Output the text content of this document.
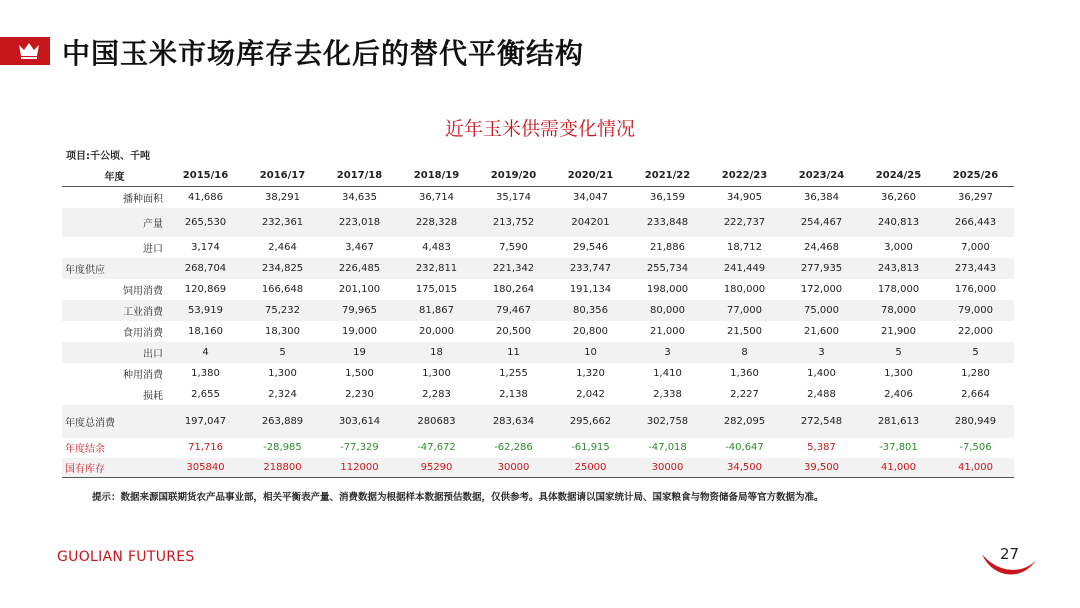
中国玉米市场库存去化后的替代平衡结构
近年玉米供需变化情况
项目:千公顷、千吨
年度	2015/16	2016/17	2017/18	2018/19	2019/20	2020/21	2021/22	2022/23	2023/24	2024/25	2025/26
播种面积	41,686	38,291	34,635	36,714	35,174	34,047	36,159	34,905	36,384	36,260	36,297
产量	265,530	232,361	223,018	228,328	213,752	204201	233,848	222,737	254,467	240,813	266,443
进口	3,174	2,464	3,467	4,483	7,590	29,546	21,886	18,712	24,468	3,000	7,000
年度供应	268,704	234,825	226,485	232,811	221,342	233,747	255,734	241,449	277,935	243,813	273,443
饲用消费	120,869	166,648	201,100	175,015	180,264	191,134	198,000	180,000	172,000	178,000	176,000
工业消费	53,919	75,232	79,965	81,867	79,467	80,356	80,000	77,000	75,000	78,000	79,000
食用消费	18,160	18,300	19,000	20,000	20,500	20,800	21,000	21,500	21,600	21,900	22,000
出口	4	5	19	18	11	10	3	8	3	5	5
种用消费	1,380	1,300	1,500	1,300	1,255	1,320	1,410	1,360	1,400	1,300	1,280
损耗	2,655	2,324	2,230	2,283	2,138	2,042	2,338	2,227	2,488	2,406	2,664
年度总消费	197,047	263,889	303,614	280683	283,634	295,662	302,758	282,095	272,548	281,613	280,949
年度结余	71,716	-28,985	-77,329	-47,672	-62,286	-61,915	-47,018	-40,647	5,387	-37,801	-7,506
国有库存	305840	218800	112000	95290	30000	25000	30000	34,500	39,500	41,000	41,000
提示：数据来源国联期货农产品事业部，相关平衡表产量、消费数据为根据样本数据预估数据，仅供参考。具体数据请以国家统计局、国家粮食与物资储备局等官方数据为准。
GUOLIAN FUTURES	27
